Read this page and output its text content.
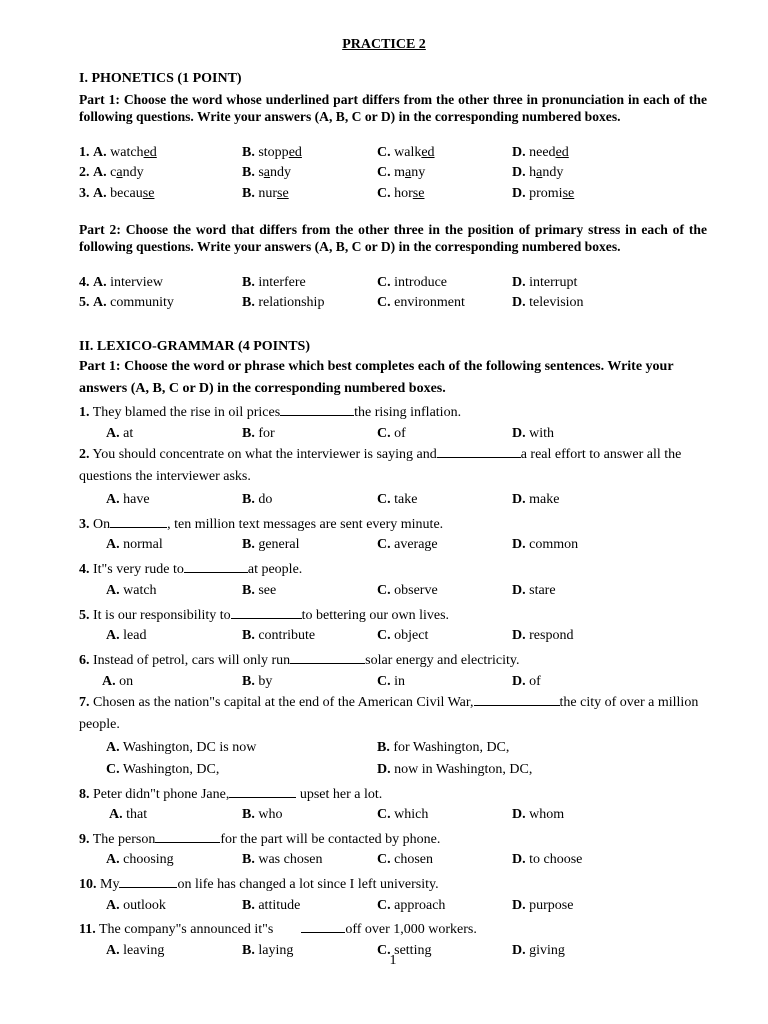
PRACTICE 2
I. PHONETICS (1 POINT)
Part 1: Choose the word whose underlined part differs from the other three in pronunciation in each of the following questions. Write your answers (A, B, C or D) in the corresponding numbered boxes.
1. A. watched	B. stopped	C. walked	D. needed
2. A. candy	B. sandy	C. many	D. handy
3. A. because	B. nurse	C. horse	D. promise
Part 2: Choose the word that differs from the other three in the position of primary stress in each of the following questions. Write your answers (A, B, C or D) in the corresponding numbered boxes.
4. A. interview	B. interfere	C. introduce	D. interrupt
5. A. community	B. relationship	C. environment	D. television
II. LEXICO-GRAMMAR (4 POINTS)
Part 1: Choose the word or phrase which best completes each of the following sentences. Write your answers (A, B, C or D) in the corresponding numbered boxes.
1. They blamed the rise in oil prices	the rising inflation.
A. at	B. for	C. of	D. with
2. You should concentrate on what the interviewer is saying and	a real effort to answer all the questions the interviewer asks.
A. have	B. do	C. take	D. make
3. On	, ten million text messages are sent every minute.
A. normal	B. general	C. average	D. common
4. It"s very rude to	at people.
A. watch	B. see	C. observe	D. stare
5. It is our responsibility to	to bettering our own lives.
A. lead	B. contribute	C. object	D. respond
6. Instead of petrol, cars will only run	solar energy and electricity.
A. on	B. by	C. in	D. of
7. Chosen as the nation"s capital at the end of the American Civil War,	the city of over a million people.
A. Washington, DC is now	B. for Washington, DC,
C. Washington, DC,	D. now in Washington, DC,
8. Peter didn"t phone Jane,	upset her a lot.
A. that	B. who	C. which	D. whom
9. The person	for the part will be contacted by phone.
A. choosing	B. was chosen	C. chosen	D. to choose
10. My	on life has changed a lot since I left university.
A. outlook	B. attitude	C. approach	D. purpose
11. The company"s announced it"s	off over 1,000 workers.
A. leaving	B. laying	C. setting	D. giving
1
